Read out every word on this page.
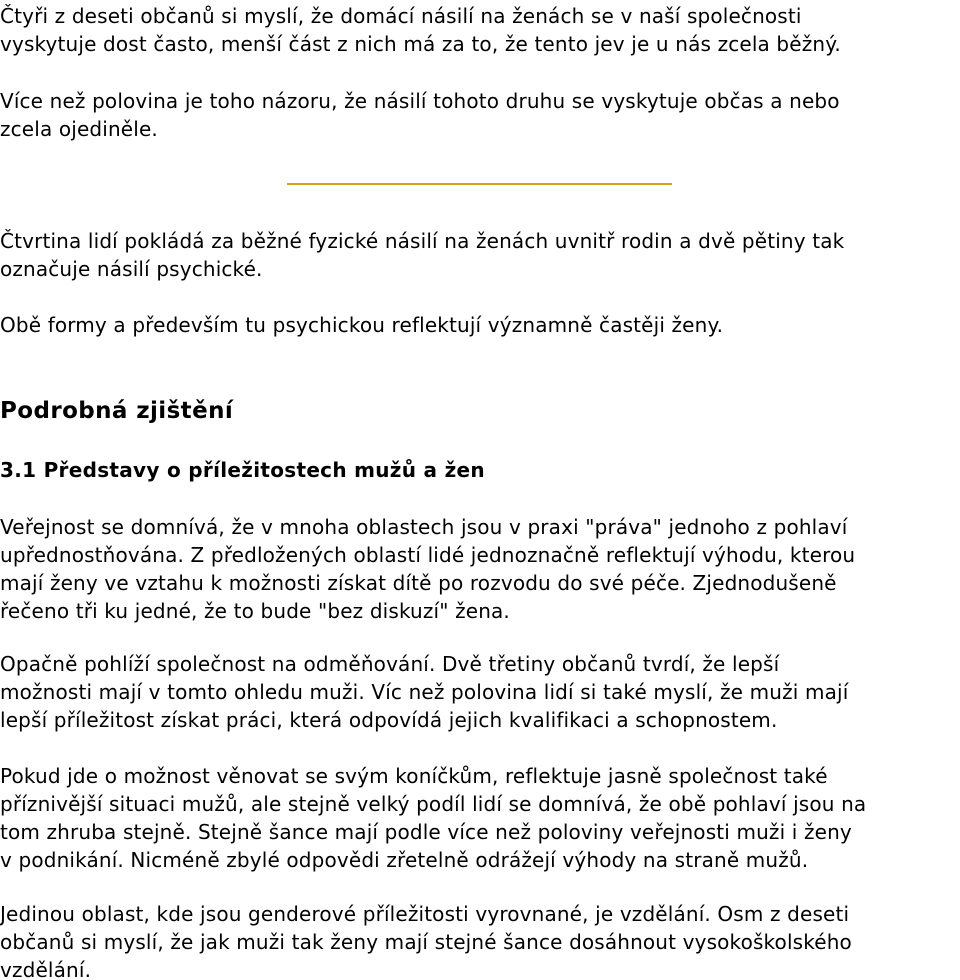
Čtyři z deseti občanů si myslí, že domácí násilí na ženách se v naší společnosti
vyskytuje dost často, menší část z nich má za to, že tento jev je u nás zcela běžný.

Více než polovina je toho názoru, že násilí tohoto druhu se vyskytuje občas a nebo
zcela ojediněle.

Čtvrtina lidí pokládá za běžné fyzické násilí na ženách uvnitř rodin a dvě pětiny tak
označuje násilí psychické.

Obě formy a především tu psychickou reflektují významně častěji ženy.

Podrobná zjištění
3.1 Představy o příležitostech mužů a žen

Veřejnost se domnívá, že v mnoha oblastech jsou v praxi "práva" jednoho z pohlaví
upřednostňována. Z předložených oblastí lidé jednoznačně reflektují výhodu, kterou
mají ženy ve vztahu k možnosti získat dítě po rozvodu do své péče. Zjednodušeně
řečeno tři ku jedné, že to bude "bez diskuzí" žena.

Opačně pohlíží společnost na odměňování. Dvě třetiny občanů tvrdí, že lepší
možnosti mají v tomto ohledu muži. Víc než polovina lidí si také myslí, že muži mají
lepší příležitost získat práci, která odpovídá jejich kvalifikaci a schopnostem.

Pokud jde o možnost věnovat se svým koníčkům, reflektuje jasně společnost také
příznivější situaci mužů, ale stejně velký podíl lidí se domnívá, že obě pohlaví jsou na
tom zhruba stejně. Stejně šance mají podle více než poloviny veřejnosti muži i ženy
v podnikání. Nicméně zbylé odpovědi zřetelně odrážejí výhody na straně mužů.

Jedinou oblast, kde jsou genderové příležitosti vyrovnané, je vzdělání. Osm z deseti
občanů si myslí, že jak muži tak ženy mají stejné šance dosáhnout vysokoškolského
vzdělání.
